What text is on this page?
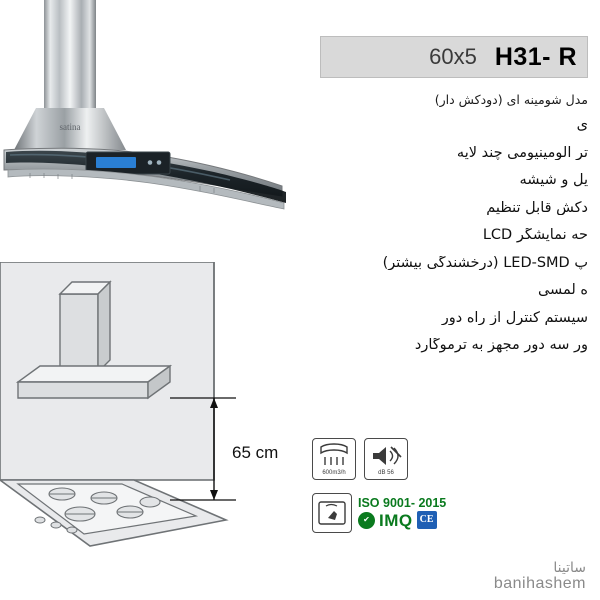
satina
65 cm
H31- R
60x5
مدل شومینه ای (دودکش دار)
ی
تر آلومینیومی چند لایه
یل و شیشه
دکش قابل تنظیم
حه نمایشگر LCD
پ LED-SMD (درخشندگی بیشتر)
ه لمسی
سیستم کنترل از راه دور
ور سه دور مجهز به ترموگارد
600m3/h	56 dB
ISO 9001- 2015
✔ IMQ CE
ساتینا
banihashem
